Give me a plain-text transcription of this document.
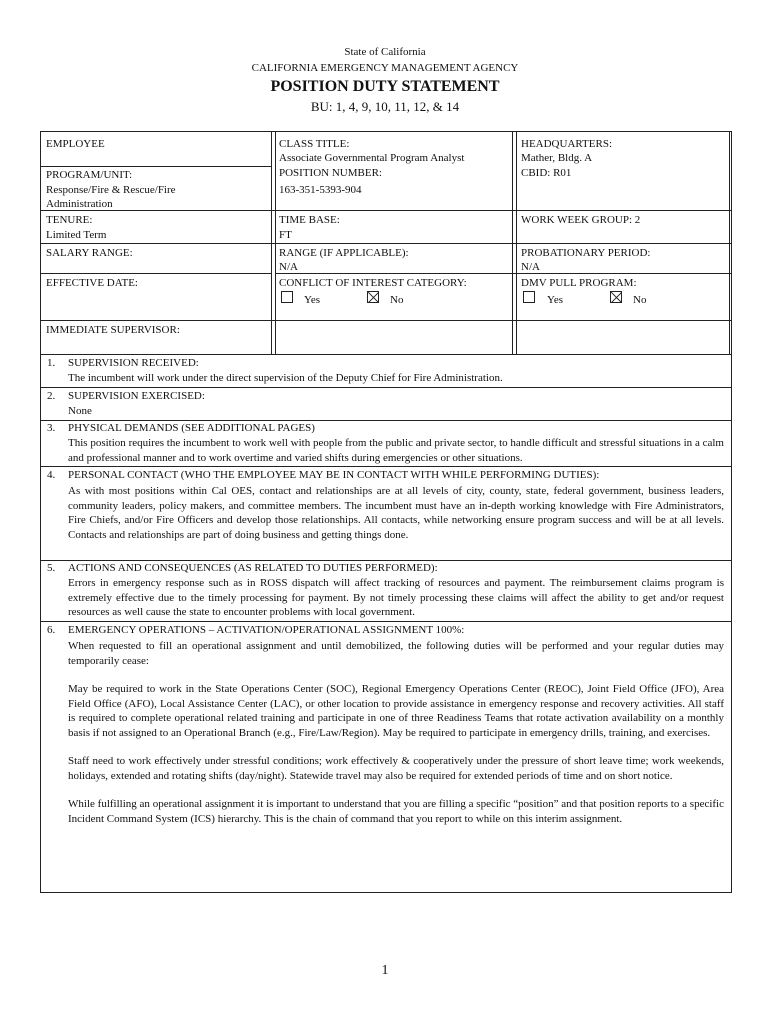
State of California
CALIFORNIA EMERGENCY MANAGEMENT AGENCY
POSITION DUTY STATEMENT
BU: 1, 4, 9, 10, 11, 12, & 14
EMPLOYEE
PROGRAM/UNIT:
Response/Fire & Rescue/Fire
Administration
TENURE:
Limited Term
SALARY RANGE:
EFFECTIVE DATE:
IMMEDIATE SUPERVISOR:
CLASS TITLE:
Associate Governmental Program Analyst
POSITION NUMBER:
163-351-5393-904
TIME BASE:
FT
RANGE (IF APPLICABLE):
N/A
CONFLICT OF INTEREST CATEGORY:
Yes	No
HEADQUARTERS:
Mather, Bldg. A
CBID: R01
WORK WEEK GROUP: 2
PROBATIONARY PERIOD:
N/A
DMV PULL PROGRAM:
Yes	No
1. SUPERVISION RECEIVED:

The incumbent will work under the direct supervision of the Deputy Chief for Fire Administration.

2. SUPERVISION EXERCISED:

None

3. PHYSICAL DEMANDS (SEE ADDITIONAL PAGES)

This position requires the incumbent to work well with people from the public and private sector, to handle difficult and stressful situations in a calm and professional manner and to work overtime and varied shifts during emergencies or other situations.

4. PERSONAL CONTACT (WHO THE EMPLOYEE MAY BE IN CONTACT WITH WHILE PERFORMING DUTIES):

As with most positions within Cal OES, contact and relationships are at all levels of city, county, state, federal government, business leaders, community leaders, policy makers, and committee members. The incumbent must have an in-depth working knowledge with Fire Administrators, Fire Chiefs, and/or Fire Officers and develop those relationships. All contacts, while networking ensure program success and will be at all levels. Contacts and relationships are part of doing business and getting things done.

5. ACTIONS AND CONSEQUENCES (AS RELATED TO DUTIES PERFORMED):

Errors in emergency response such as in ROSS dispatch will affect tracking of resources and payment. The reimbursement claims program is extremely effective due to the timely processing for payment. By not timely processing these claims will affect the ability to get and/or request resources as well cause the state to encounter problems with local government.

6. EMERGENCY OPERATIONS – ACTIVATION/OPERATIONAL ASSIGNMENT 100%:

When requested to fill an operational assignment and until demobilized, the following duties will be performed and your regular duties may temporarily cease:

May be required to work in the State Operations Center (SOC), Regional Emergency Operations Center (REOC), Joint Field Office (JFO), Area Field Office (AFO), Local Assistance Center (LAC), or other location to provide assistance in emergency response and recovery activities. All staff is required to complete operational related training and participate in one of three Readiness Teams that rotate activation availability on a monthly basis if not assigned to an Operational Branch (e.g., Fire/Law/Region). May be required to participate in emergency drills, training, and exercises.

Staff need to work effectively under stressful conditions; work effectively & cooperatively under the pressure of short leave time; work weekends, holidays, extended and rotating shifts (day/night). Statewide travel may also be required for extended periods of time and on short notice.

While fulfilling an operational assignment it is important to understand that you are filling a specific “position” and that position reports to a specific Incident Command System (ICS) hierarchy. This is the chain of command that you report to while on this interim assignment.

1
